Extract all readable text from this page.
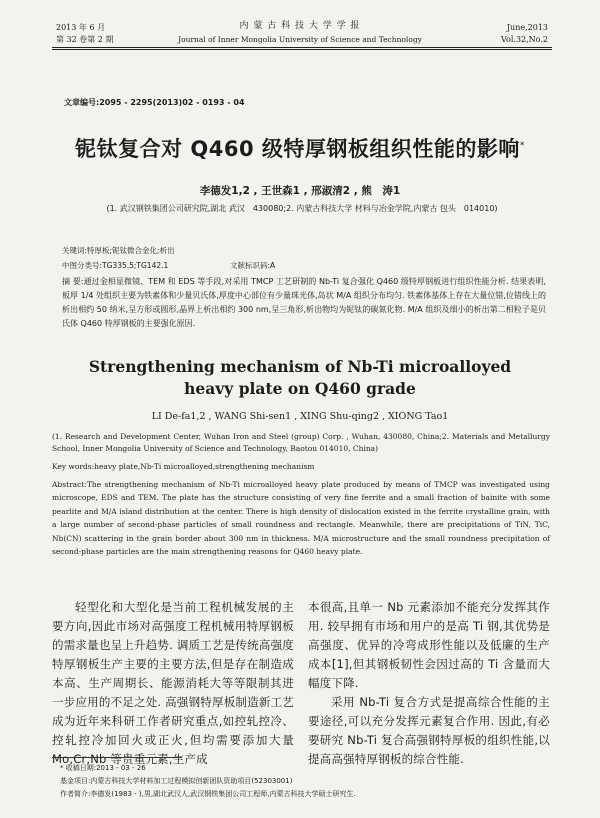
2013 年 6 月
第 32 卷第 2 期
内 蒙 古 科 技 大 学 学 报
Journal of Inner Mongolia University of Science and Technology
June,2013
Vol.32,No.2
文章编号:2095 - 2295(2013)02 - 0193 - 04
铌钛复合对 Q460 级特厚钢板组织性能的影响*
李德发1,2 , 王世森1 , 邢淑清2 , 熊　涛1
(1. 武汉钢铁集团公司研究院,湖北 武汉　430080;2. 内蒙古科技大学 材料与冶金学院,内蒙古 包头　014010)
关键词:特厚板;铌钛微合金化;析出
中图分类号:TG335.5;TG142.1	文献标识码:A
摘 要:通过金相显微镜、TEM 和 EDS 等手段,对采用 TMCP 工艺研制的 Nb-Ti 复合强化 Q460 级特厚钢板进行组织性能分析. 结果表明,板厚 1/4 处组织主要为铁素体和少量贝氏体,厚度中心部位有少量珠光体,岛状 M/A 组织分布均匀. 铁素体基体上存在大量位错,位错线上的析出相约 50 纳米,呈方形或圆形,晶界上析出相约 300 nm,呈三角形,析出物均为铌钛的碳氮化物. M/A 组织及细小的析出第二相粒子是贝氏体 Q460 特厚钢板的主要强化原因.
Strengthening mechanism of Nb-Ti microalloyed
heavy plate on Q460 grade
LI De-fa1,2 , WANG Shi-sen1 , XING Shu-qing2 , XIONG Tao1
(1. Research and Development Center, Wuhan Iron and Steel (group) Corp. , Wuhan, 430080, China;2. Materials and Metallurgy School, Inner Mongolia University of Science and Technology, Baotou 014010, China)
Key words:heavy plate,Nb-Ti microalloyed,strengthening mechanism
Abstract:The strengthening mechanism of Nb-Ti microalloyed heavy plate produced by means of TMCP was investigated using microscope, EDS and TEM. The plate has the structure consisting of very fine ferrite and a small fraction of bainite with some pearlite and M/A island distribution at the center. There is high density of dislocation existed in the ferrite crystalline grain, with a large number of second-phase particles of small roundness and rectangle. Meanwhile, there are precipitations of TiN, TiC, Nb(CN) scattering in the grain border about 300 nm in thickness. M/A microstructure and the small roundness precipitation of second-phase particles are the main strengthening reasons for Q460 heavy plate.
轻型化和大型化是当前工程机械发展的主要方向,因此市场对高强度工程机械用特厚钢板的需求量也呈上升趋势. 调质工艺是传统高强度特厚钢板生产主要的主要方法,但是存在制造成本高、生产周期长、能源消耗大等等限制其进一步应用的不足之处. 高强钢特厚板制造新工艺成为近年来科研工作者研究重点,如控轧控冷、控轧控冷加回火或正火,但均需要添加大量 Mo,Cr,Nb 等贵重元素,生产成
本很高,且单一 Nb 元素添加不能充分发挥其作用. 较早拥有市场和用户的是高 Ti 钢,其优势是高强度、优异的冷弯成形性能以及低廉的生产成本[1],但其钢板韧性会因过高的 Ti 含量而大幅度下降.
采用 Nb-Ti 复合方式是提高综合性能的主要途径,可以充分发挥元素复合作用. 因此,有必要研究 Nb-Ti 复合高强钢特厚板的组织性能,以提高高强特厚钢板的综合性能.
* 收稿日期:2013 - 03 - 26
基金项目:内蒙古科技大学材料加工过程模拟创新团队资助项目(52303001)
作者简介:李德发(1983 - ),男,湖北武汉人,武汉钢铁集团公司工程师,内蒙古科技大学硕士研究生.
